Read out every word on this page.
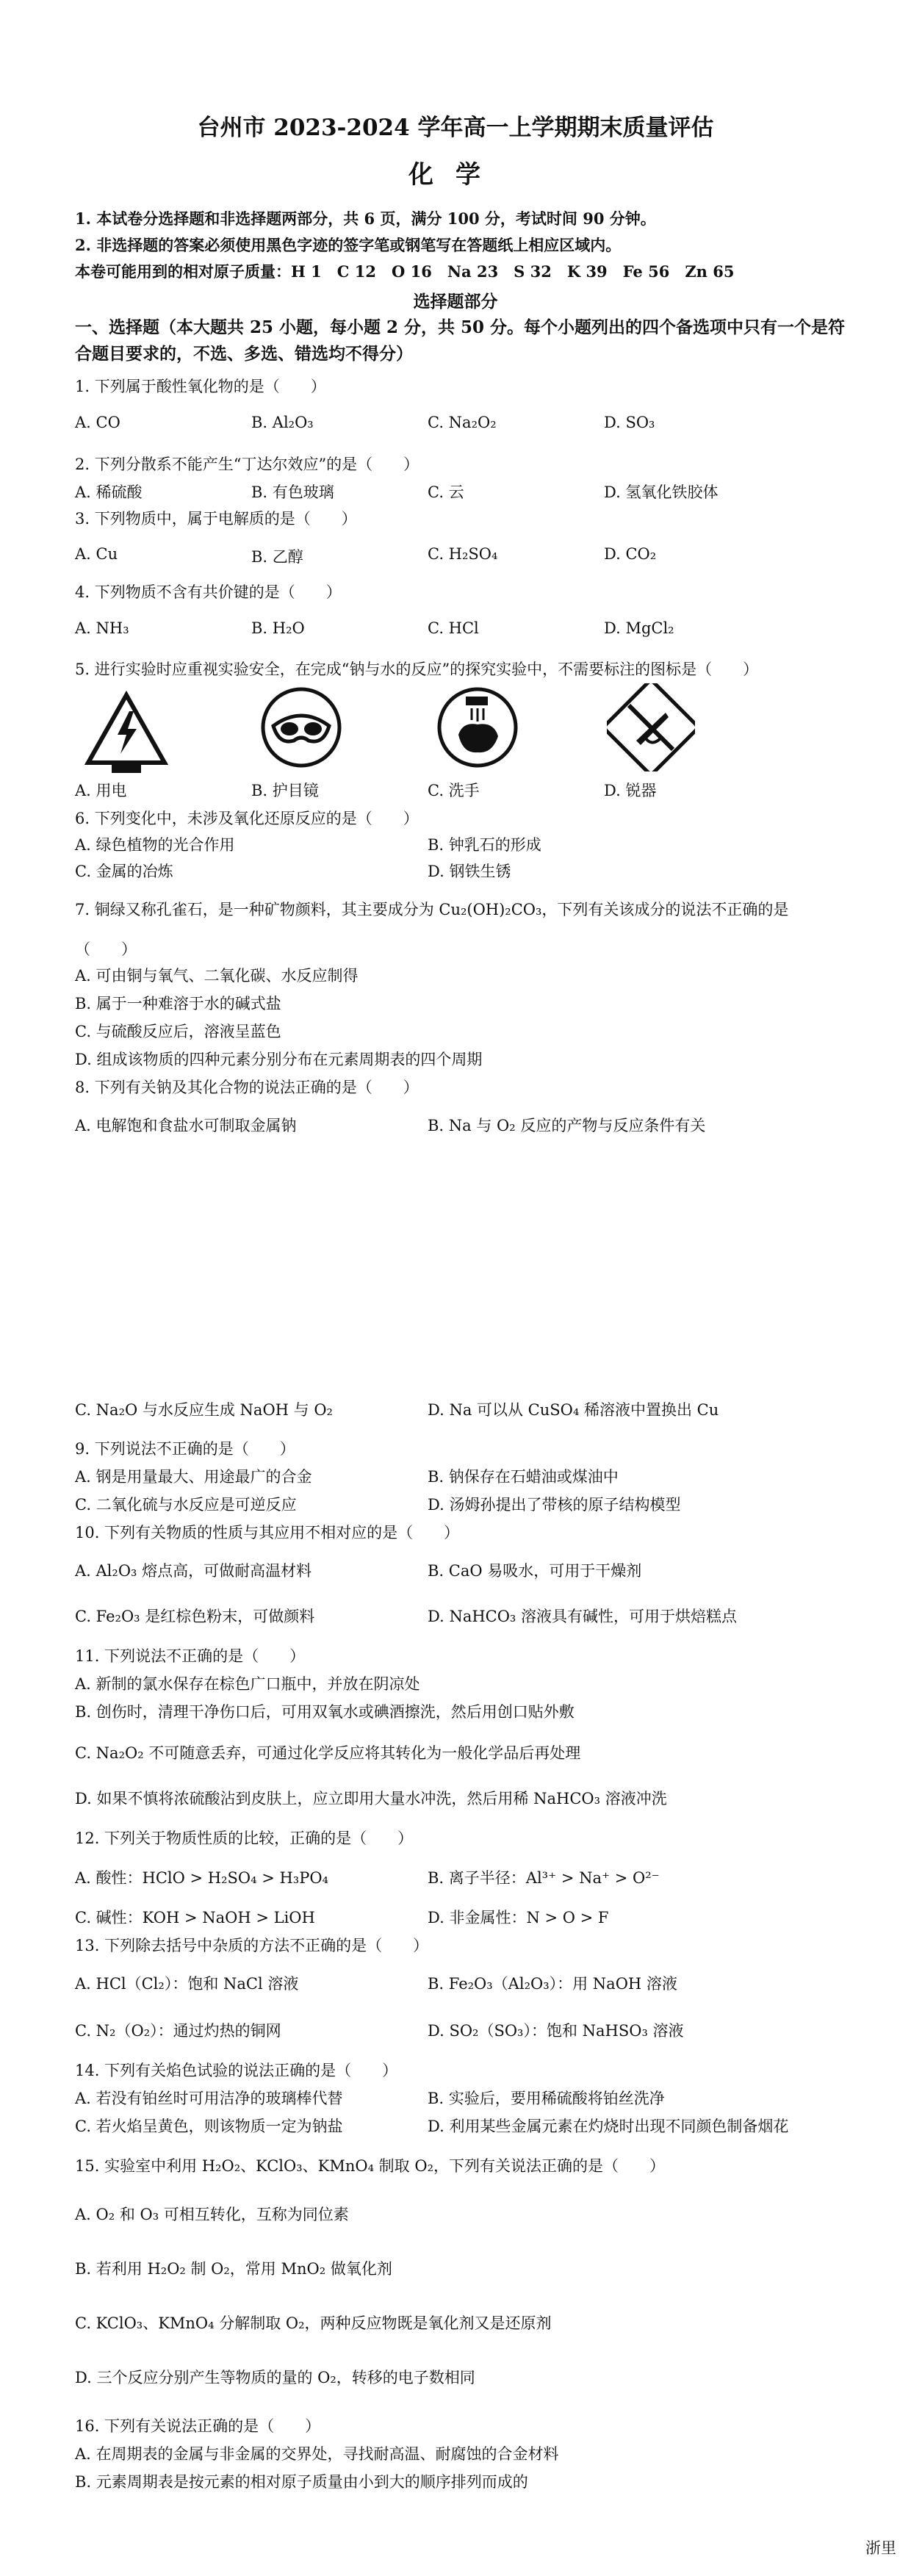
台州市 2023-2024 学年高一上学期期末质量评估
化学
1. 本试卷分选择题和非选择题两部分，共 6 页，满分 100 分，考试时间 90 分钟。
2. 非选择题的答案必须使用黑色字迹的签字笔或钢笔写在答题纸上相应区域内。
本卷可能用到的相对原子质量：H 1　C 12　O 16　Na 23　S 32　K 39　Fe 56　Zn 65
选择题部分
一、选择题（本大题共 25 小题，每小题 2 分，共 50 分。每个小题列出的四个备选项中只有一个是符合题目要求的，不选、多选、错选均不得分）
1. 下列属于酸性氧化物的是（　　）
A. CO	B. Al₂O₃	C. Na₂O₂	D. SO₃
2. 下列分散系不能产生“丁达尔效应”的是（　　）
A. 稀硫酸	B. 有色玻璃	C. 云	D. 氢氧化铁胶体
3. 下列物质中，属于电解质的是（　　）
A. Cu	B. 乙醇	C. H₂SO₄	D. CO₂
4. 下列物质不含有共价键的是（　　）
A. NH₃	B. H₂O	C. HCl	D. MgCl₂
5. 进行实验时应重视实验安全，在完成“钠与水的反应”的探究实验中，不需要标注的图标是（　　）
A. 用电	B. 护目镜	C. 洗手	D. 锐器
6. 下列变化中，未涉及氧化还原反应的是（　　）
A. 绿色植物的光合作用	B. 钟乳石的形成
C. 金属的冶炼	D. 钢铁生锈
7. 铜绿又称孔雀石，是一种矿物颜料，其主要成分为 Cu₂(OH)₂CO₃，下列有关该成分的说法不正确的是
（　　）
A. 可由铜与氧气、二氧化碳、水反应制得
B. 属于一种难溶于水的碱式盐
C. 与硫酸反应后，溶液呈蓝色
D. 组成该物质的四种元素分别分布在元素周期表的四个周期
8. 下列有关钠及其化合物的说法正确的是（　　）
A. 电解饱和食盐水可制取金属钠	B. Na 与 O₂ 反应的产物与反应条件有关
C. Na₂O 与水反应生成 NaOH 与 O₂	D. Na 可以从 CuSO₄ 稀溶液中置换出 Cu
9. 下列说法不正确的是（　　）
A. 钢是用量最大、用途最广的合金	B. 钠保存在石蜡油或煤油中
C. 二氧化硫与水反应是可逆反应	D. 汤姆孙提出了带核的原子结构模型
10. 下列有关物质的性质与其应用不相对应的是（　　）
A. Al₂O₃ 熔点高，可做耐高温材料	B. CaO 易吸水，可用于干燥剂
C. Fe₂O₃ 是红棕色粉末，可做颜料	D. NaHCO₃ 溶液具有碱性，可用于烘焙糕点
11. 下列说法不正确的是（　　）
A. 新制的氯水保存在棕色广口瓶中，并放在阴凉处
B. 创伤时，清理干净伤口后，可用双氧水或碘酒擦洗，然后用创口贴外敷
C. Na₂O₂ 不可随意丢弃，可通过化学反应将其转化为一般化学品后再处理
D. 如果不慎将浓硫酸沾到皮肤上，应立即用大量水冲洗，然后用稀 NaHCO₃ 溶液冲洗
12. 下列关于物质性质的比较，正确的是（　　）
A. 酸性：HClO > H₂SO₄ > H₃PO₄	B. 离子半径：Al³⁺ > Na⁺ > O²⁻
C. 碱性：KOH > NaOH > LiOH	D. 非金属性：N > O > F
13. 下列除去括号中杂质的方法不正确的是（　　）
A. HCl（Cl₂）：饱和 NaCl 溶液	B. Fe₂O₃（Al₂O₃）：用 NaOH 溶液
C. N₂（O₂）：通过灼热的铜网	D. SO₂（SO₃）：饱和 NaHSO₃ 溶液
14. 下列有关焰色试验的说法正确的是（　　）
A. 若没有铂丝时可用洁净的玻璃棒代替	B. 实验后，要用稀硫酸将铂丝洗净
C. 若火焰呈黄色，则该物质一定为钠盐	D. 利用某些金属元素在灼烧时出现不同颜色制备烟花
15. 实验室中利用 H₂O₂、KClO₃、KMnO₄ 制取 O₂，下列有关说法正确的是（　　）
A. O₂ 和 O₃ 可相互转化，互称为同位素
B. 若利用 H₂O₂ 制 O₂，常用 MnO₂ 做氧化剂
C. KClO₃、KMnO₄ 分解制取 O₂，两种反应物既是氧化剂又是还原剂
D. 三个反应分别产生等物质的量的 O₂，转移的电子数相同
16. 下列有关说法正确的是（　　）
A. 在周期表的金属与非金属的交界处，寻找耐高温、耐腐蚀的合金材料
B. 元素周期表是按元素的相对原子质量由小到大的顺序排列而成的
浙里
